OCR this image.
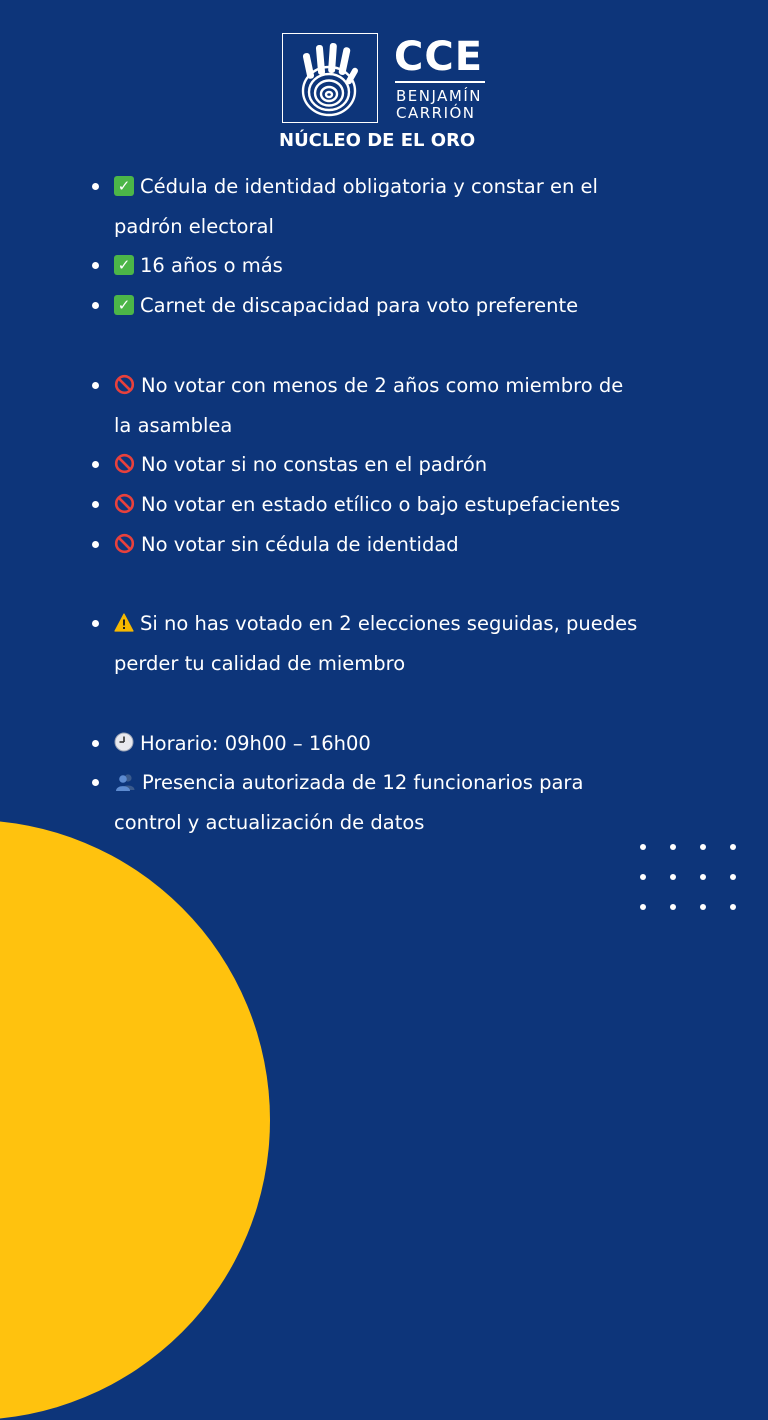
CCE
BENJAMÍN
CARRIÓN
NÚCLEO DE EL ORO
✓ Cédula de identidad obligatoria y constar en el
padrón electoral
✓ 16 años o más
✓ Carnet de discapacidad para voto preferente
No votar con menos de 2 años como miembro de
la asamblea
No votar si no constas en el padrón
No votar en estado etílico o bajo estupefacientes
No votar sin cédula de identidad
Si no has votado en 2 elecciones seguidas, puedes
perder tu calidad de miembro
Horario: 09h00 – 16h00
Presencia autorizada de 12 funcionarios para
control y actualización de datos
